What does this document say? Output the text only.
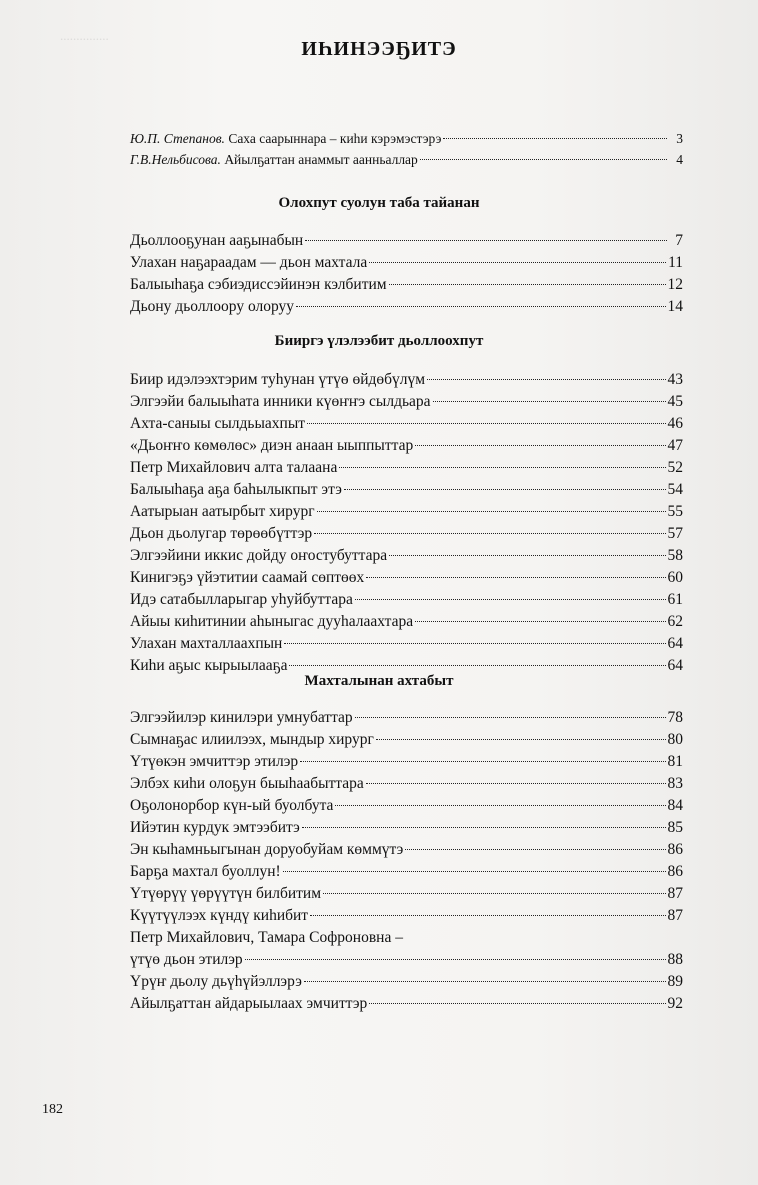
...............
ИҺИНЭЭҔИТЭ
Ю.П. Степанов. Саха саарыннара – киһи кэрэмэстэрэ	3
Г.В.Нельбисова. Айылҕаттан анаммыт аанньаллар	4
Олохпут суолун таба тайанан
Дьоллооҕунан ааҕынабын	7
Улахан наҕараадам — дьон махтала	11
Балыыһаҕа сэбиэдиссэйинэн кэлбитим	12
Дьону дьоллоору олоруу	14
Бииргэ үлэлээбит дьоллоохпут
Биир идэлээхтэрим туһунан үтүө өйдөбүлүм	43
Элгээйи балыыһата инники күөҥҥэ сылдьара	45
Ахта-саныы сылдьыахпыт	46
«Дьоҥҥо көмөлөс» диэн анаан ыыппыттар	47
Петр Михайлович алта талаана	52
Балыыһаҕа аҕа баһылыкпыт этэ	54
Аатырыан аатырбыт хирург	55
Дьон дьолугар төрөөбүттэр	57
Элгээйини иккис дойду оҥостубуттара	58
Кинигэҕэ үйэтитии саамай сөптөөх	60
Идэ сатабылларыгар уһуйбуттара	61
Айыы киһитинии аһыныгас дууһалаахтара	62
Улахан махталлаахпын	64
Киһи аҕыс кырыылааҕа	64
Махталынан ахтабыт
Элгээйилэр кинилэри умнубаттар	78
Сымнаҕас илиилээх, мындыр хирург	80
Үтүөкэн эмчиттэр этилэр	81
Элбэх киһи олоҕун быыһаабыттара	83
Оҕолонорбор күн-ый буолбута	84
Ийэтин курдук эмтээбитэ	85
Эн кыһамньыгынан доруобуйам көммүтэ	86
Барҕа махтал буоллун!	86
Үтүөрүү үөрүүтүн билбитим	87
Күүтүүлээх күндү киһибит	87
Петр Михайлович, Тамара Софроновна –
үтүө дьон этилэр	88
Үрүҥ дьолу дьүһүйэллэрэ	89
Айылҕаттан айдарыылаах эмчиттэр	92
182
